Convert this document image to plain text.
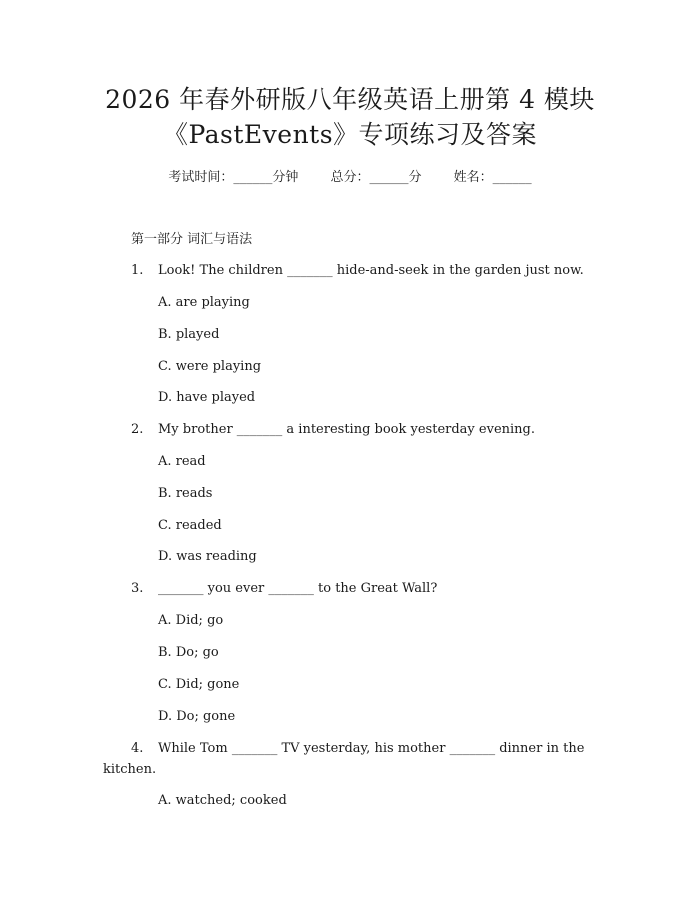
2026 年春外研版八年级英语上册第 4 模块
《PastEvents》专项练习及答案
考试时间：______分钟 总分：______分 姓名：______
第一部分 词汇与语法
1. Look! The children _______ hide-and-seek in the garden just now.
A. are playing
B. played
C. were playing
D. have played
2. My brother _______ a interesting book yesterday evening.
A. read
B. reads
C. readed
D. was reading
3. _______ you ever _______ to the Great Wall?
A. Did; go
B. Do; go
C. Did; gone
D. Do; gone
4. While Tom _______ TV yesterday, his mother _______ dinner in the
kitchen.
A. watched; cooked
